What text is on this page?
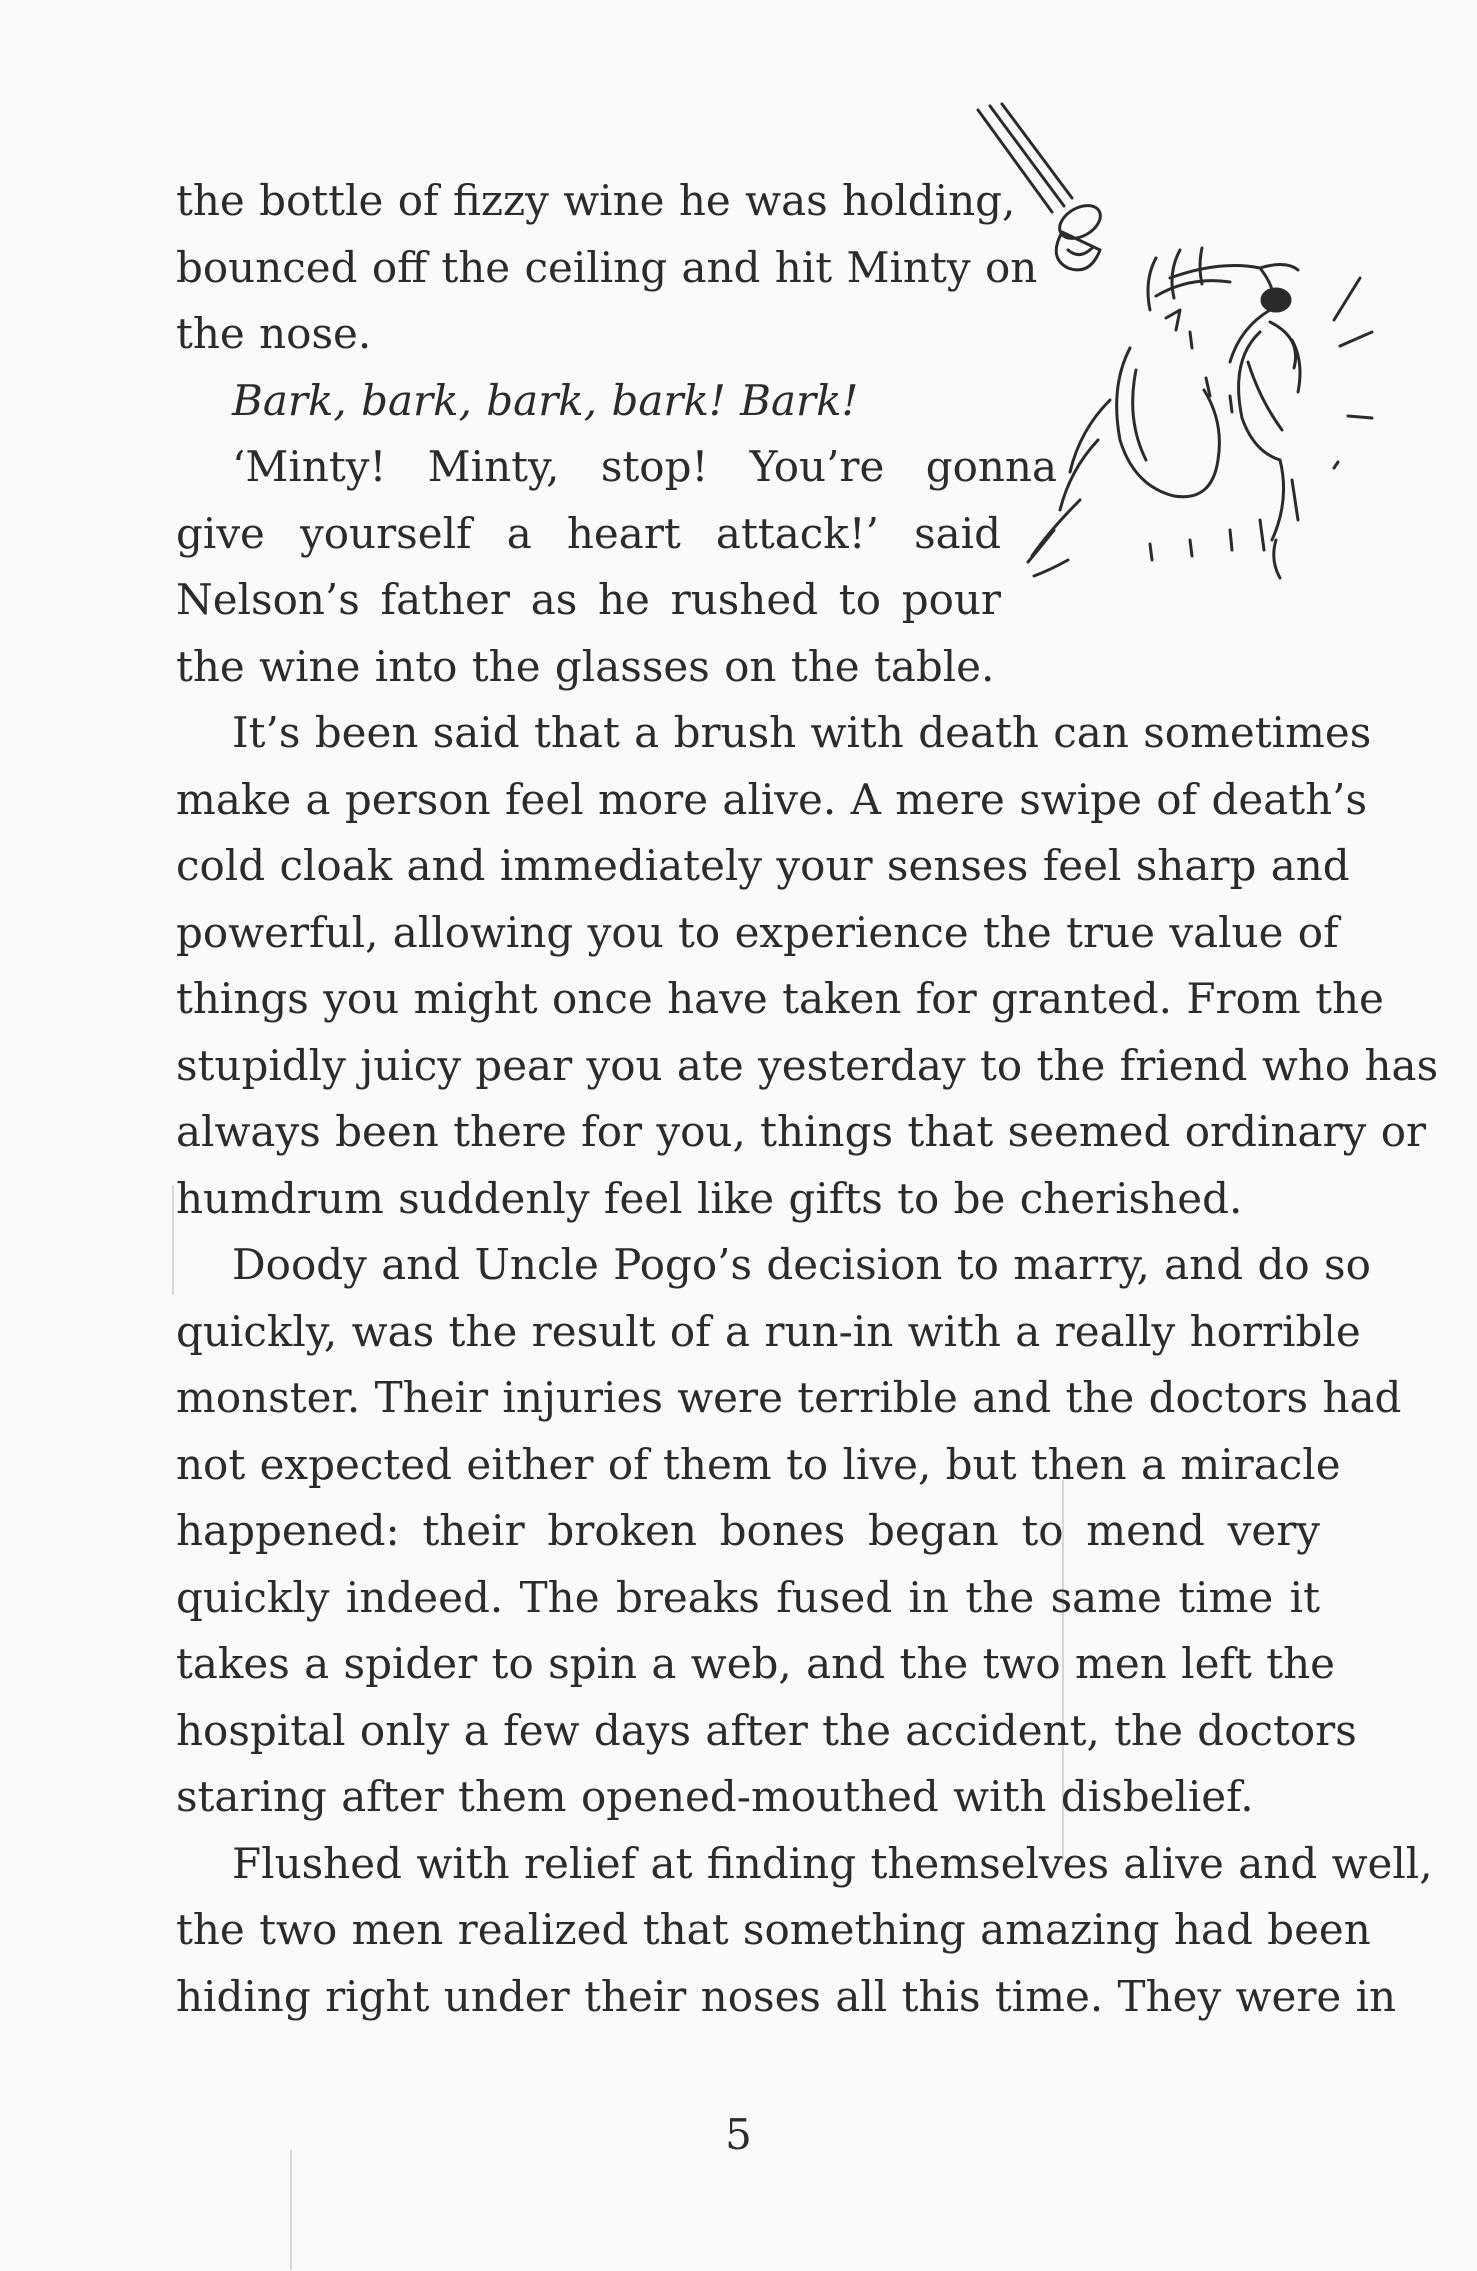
the bottle of fizzy wine he was holding,
bounced off the ceiling and hit Minty on
the nose.
Bark, bark, bark, bark! Bark!
‘Minty! Minty, stop! You’re gonna
give yourself a heart attack!’ said
Nelson’s father as he rushed to pour
the wine into the glasses on the table.
It’s been said that a brush with death can sometimes
make a person feel more alive. A mere swipe of death’s
cold cloak and immediately your senses feel sharp and
powerful, allowing you to experience the true value of
things you might once have taken for granted. From the
stupidly juicy pear you ate yesterday to the friend who has
always been there for you, things that seemed ordinary or
humdrum suddenly feel like gifts to be cherished.
Doody and Uncle Pogo’s decision to marry, and do so
quickly, was the result of a run-in with a really horrible
monster. Their injuries were terrible and the doctors had
not expected either of them to live, but then a miracle
happened: their broken bones began to mend very
quickly indeed. The breaks fused in the same time it
takes a spider to spin a web, and the two men left the
hospital only a few days after the accident, the doctors
staring after them opened-mouthed with disbelief.
Flushed with relief at finding themselves alive and well,
the two men realized that something amazing had been
hiding right under their noses all this time. They were in
5
